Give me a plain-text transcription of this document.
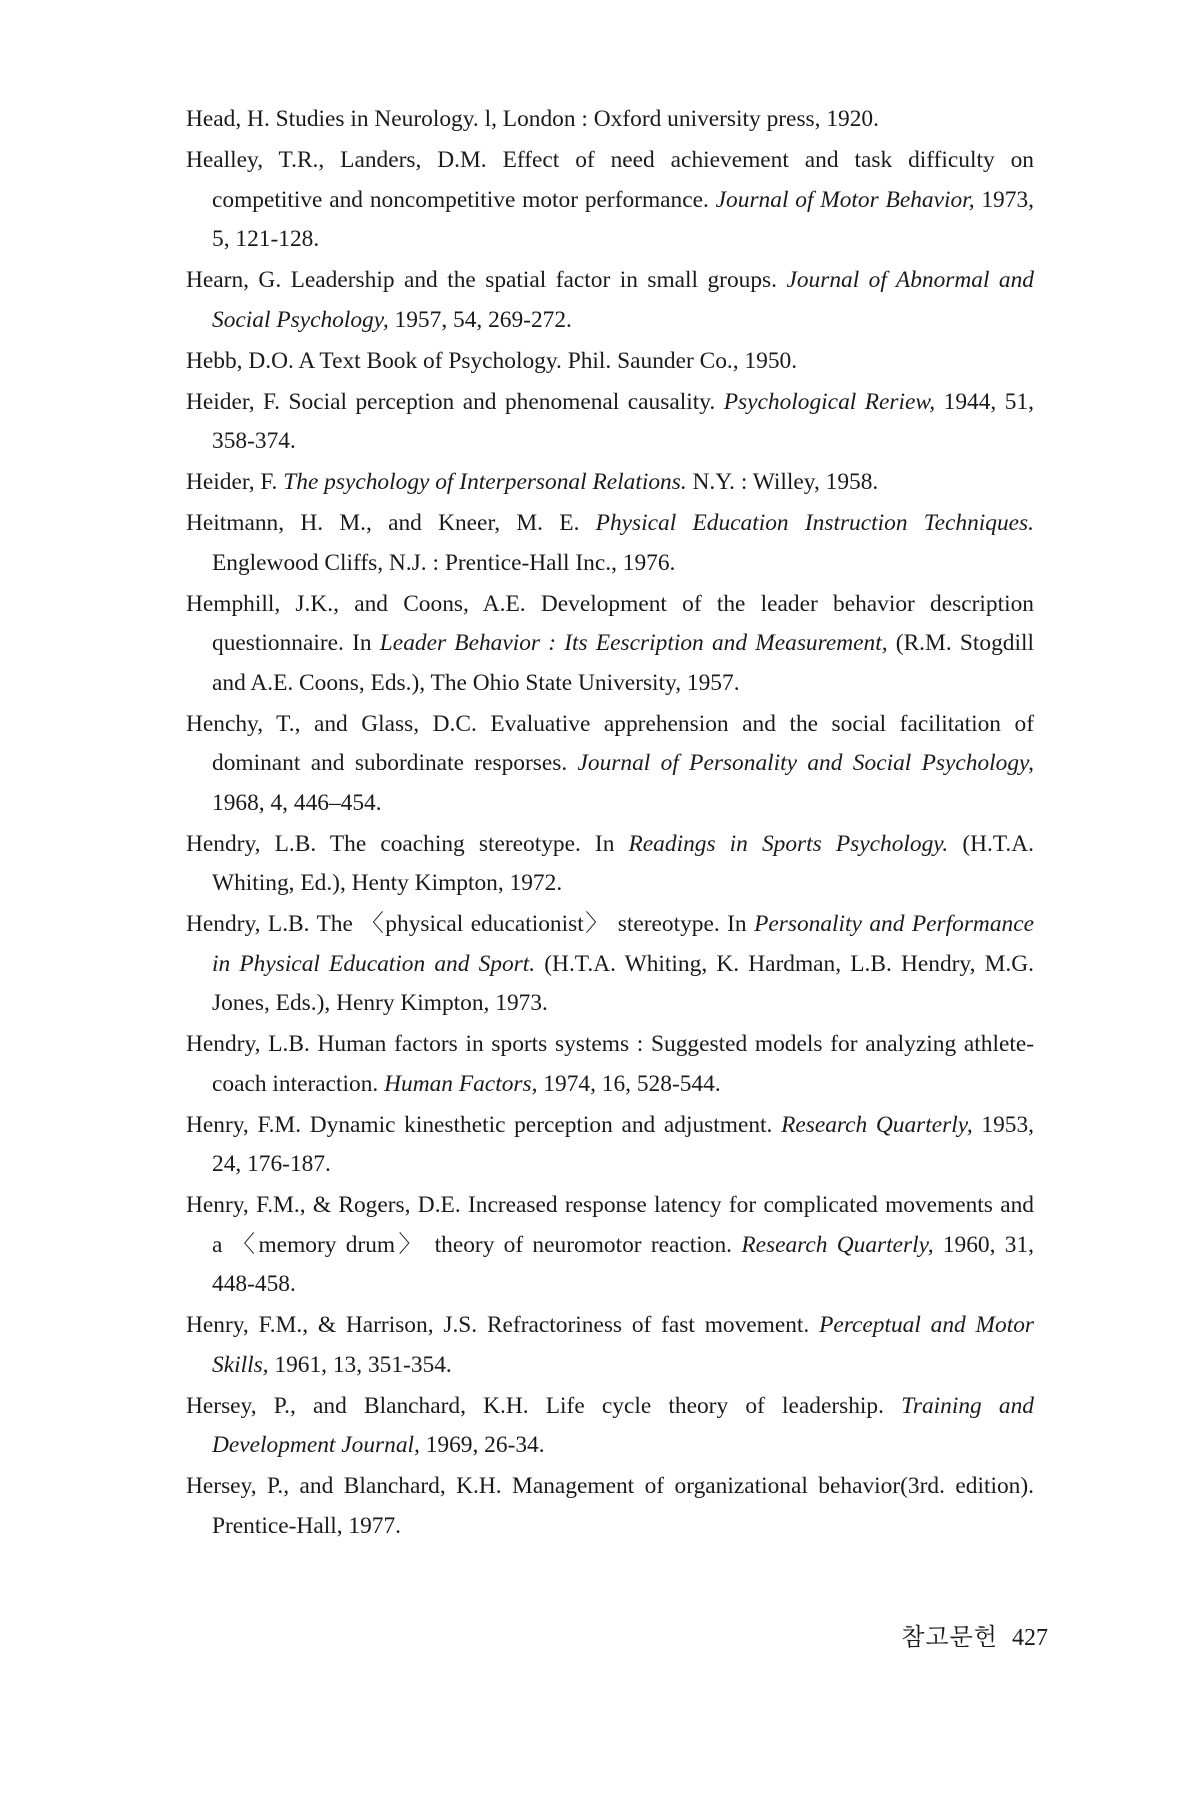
Head, H. Studies in Neurology. l, London : Oxford university press, 1920.
Healley, T.R., Landers, D.M. Effect of need achievement and task difficulty on competitive and noncompetitive motor performance. Journal of Motor Behavior, 1973, 5, 121-128.
Hearn, G. Leadership and the spatial factor in small groups. Journal of Abnormal and Social Psychology, 1957, 54, 269-272.
Hebb, D.O. A Text Book of Psychology. Phil. Saunder Co., 1950.
Heider, F. Social perception and phenomenal causality. Psychological Reriew, 1944, 51, 358-374.
Heider, F. The psychology of Interpersonal Relations. N.Y. : Willey, 1958.
Heitmann, H. M., and Kneer, M. E. Physical Education Instruction Techniques. Englewood Cliffs, N.J. : Prentice-Hall Inc., 1976.
Hemphill, J.K., and Coons, A.E. Development of the leader behavior description questionnaire. In Leader Behavior : Its Eescription and Measurement, (R.M. Stogdill and A.E. Coons, Eds.), The Ohio State University, 1957.
Henchy, T., and Glass, D.C. Evaluative apprehension and the social facilitation of dominant and subordinate resporses. Journal of Personality and Social Psychology, 1968, 4, 446–454.
Hendry, L.B. The coaching stereotype. In Readings in Sports Psychology. (H.T.A. Whiting, Ed.), Henty Kimpton, 1972.
Hendry, L.B. The 〈physical educationist〉 stereotype. In Personality and Performance in Physical Education and Sport. (H.T.A. Whiting, K. Hardman, L.B. Hendry, M.G. Jones, Eds.), Henry Kimpton, 1973.
Hendry, L.B. Human factors in sports systems : Suggested models for analyzing athlete-coach interaction. Human Factors, 1974, 16, 528-544.
Henry, F.M. Dynamic kinesthetic perception and adjustment. Research Quarterly, 1953, 24, 176-187.
Henry, F.M., & Rogers, D.E. Increased response latency for complicated movements and a 〈memory drum〉 theory of neuromotor reaction. Research Quarterly, 1960, 31, 448-458.
Henry, F.M., & Harrison, J.S. Refractoriness of fast movement. Perceptual and Motor Skills, 1961, 13, 351-354.
Hersey, P., and Blanchard, K.H. Life cycle theory of leadership. Training and Development Journal, 1969, 26-34.
Hersey, P., and Blanchard, K.H. Management of organizational behavior(3rd. edition). Prentice-Hall, 1977.
참고문헌 427
